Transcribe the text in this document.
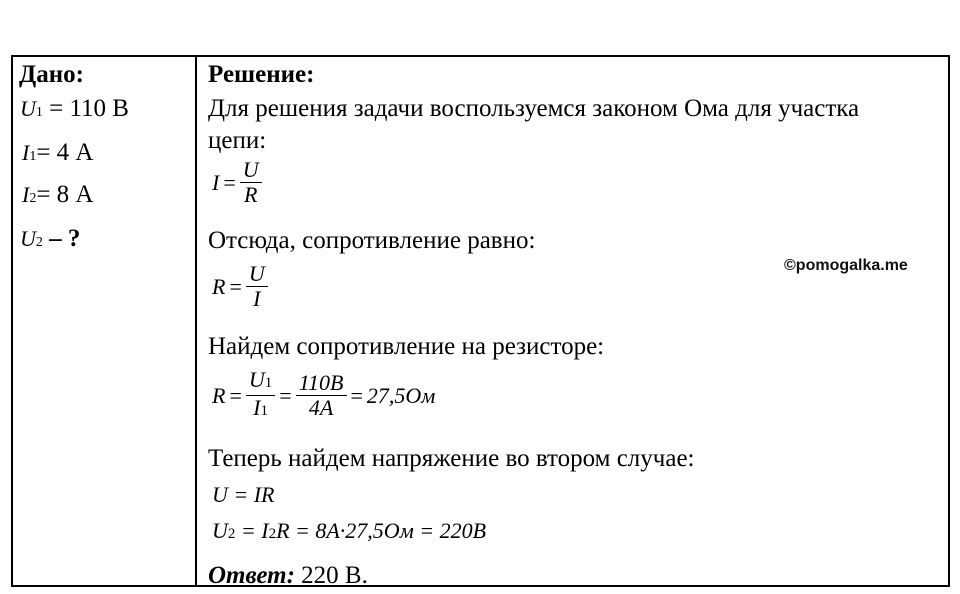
Дано:
U1 = 110 В
I1= 4 А
I2= 8 А
U2 – ?
Решение:
Для решения задачи воспользуемся законом Ома для участка
цепи:
$I = \frac{U}{R}$
Отсюда, сопротивление равно:
$R = \frac{U}{I}$	©pomogalka.me
Найдем сопротивление на резисторе:
$R = \frac{U1}{I1} = \frac{110B}{4A} = 27,5Ом$
Теперь найдем напряжение во втором случае:
U = IR
U2 = I2R = 8A·27,5Ом = 220B
Ответ: 220 В.
